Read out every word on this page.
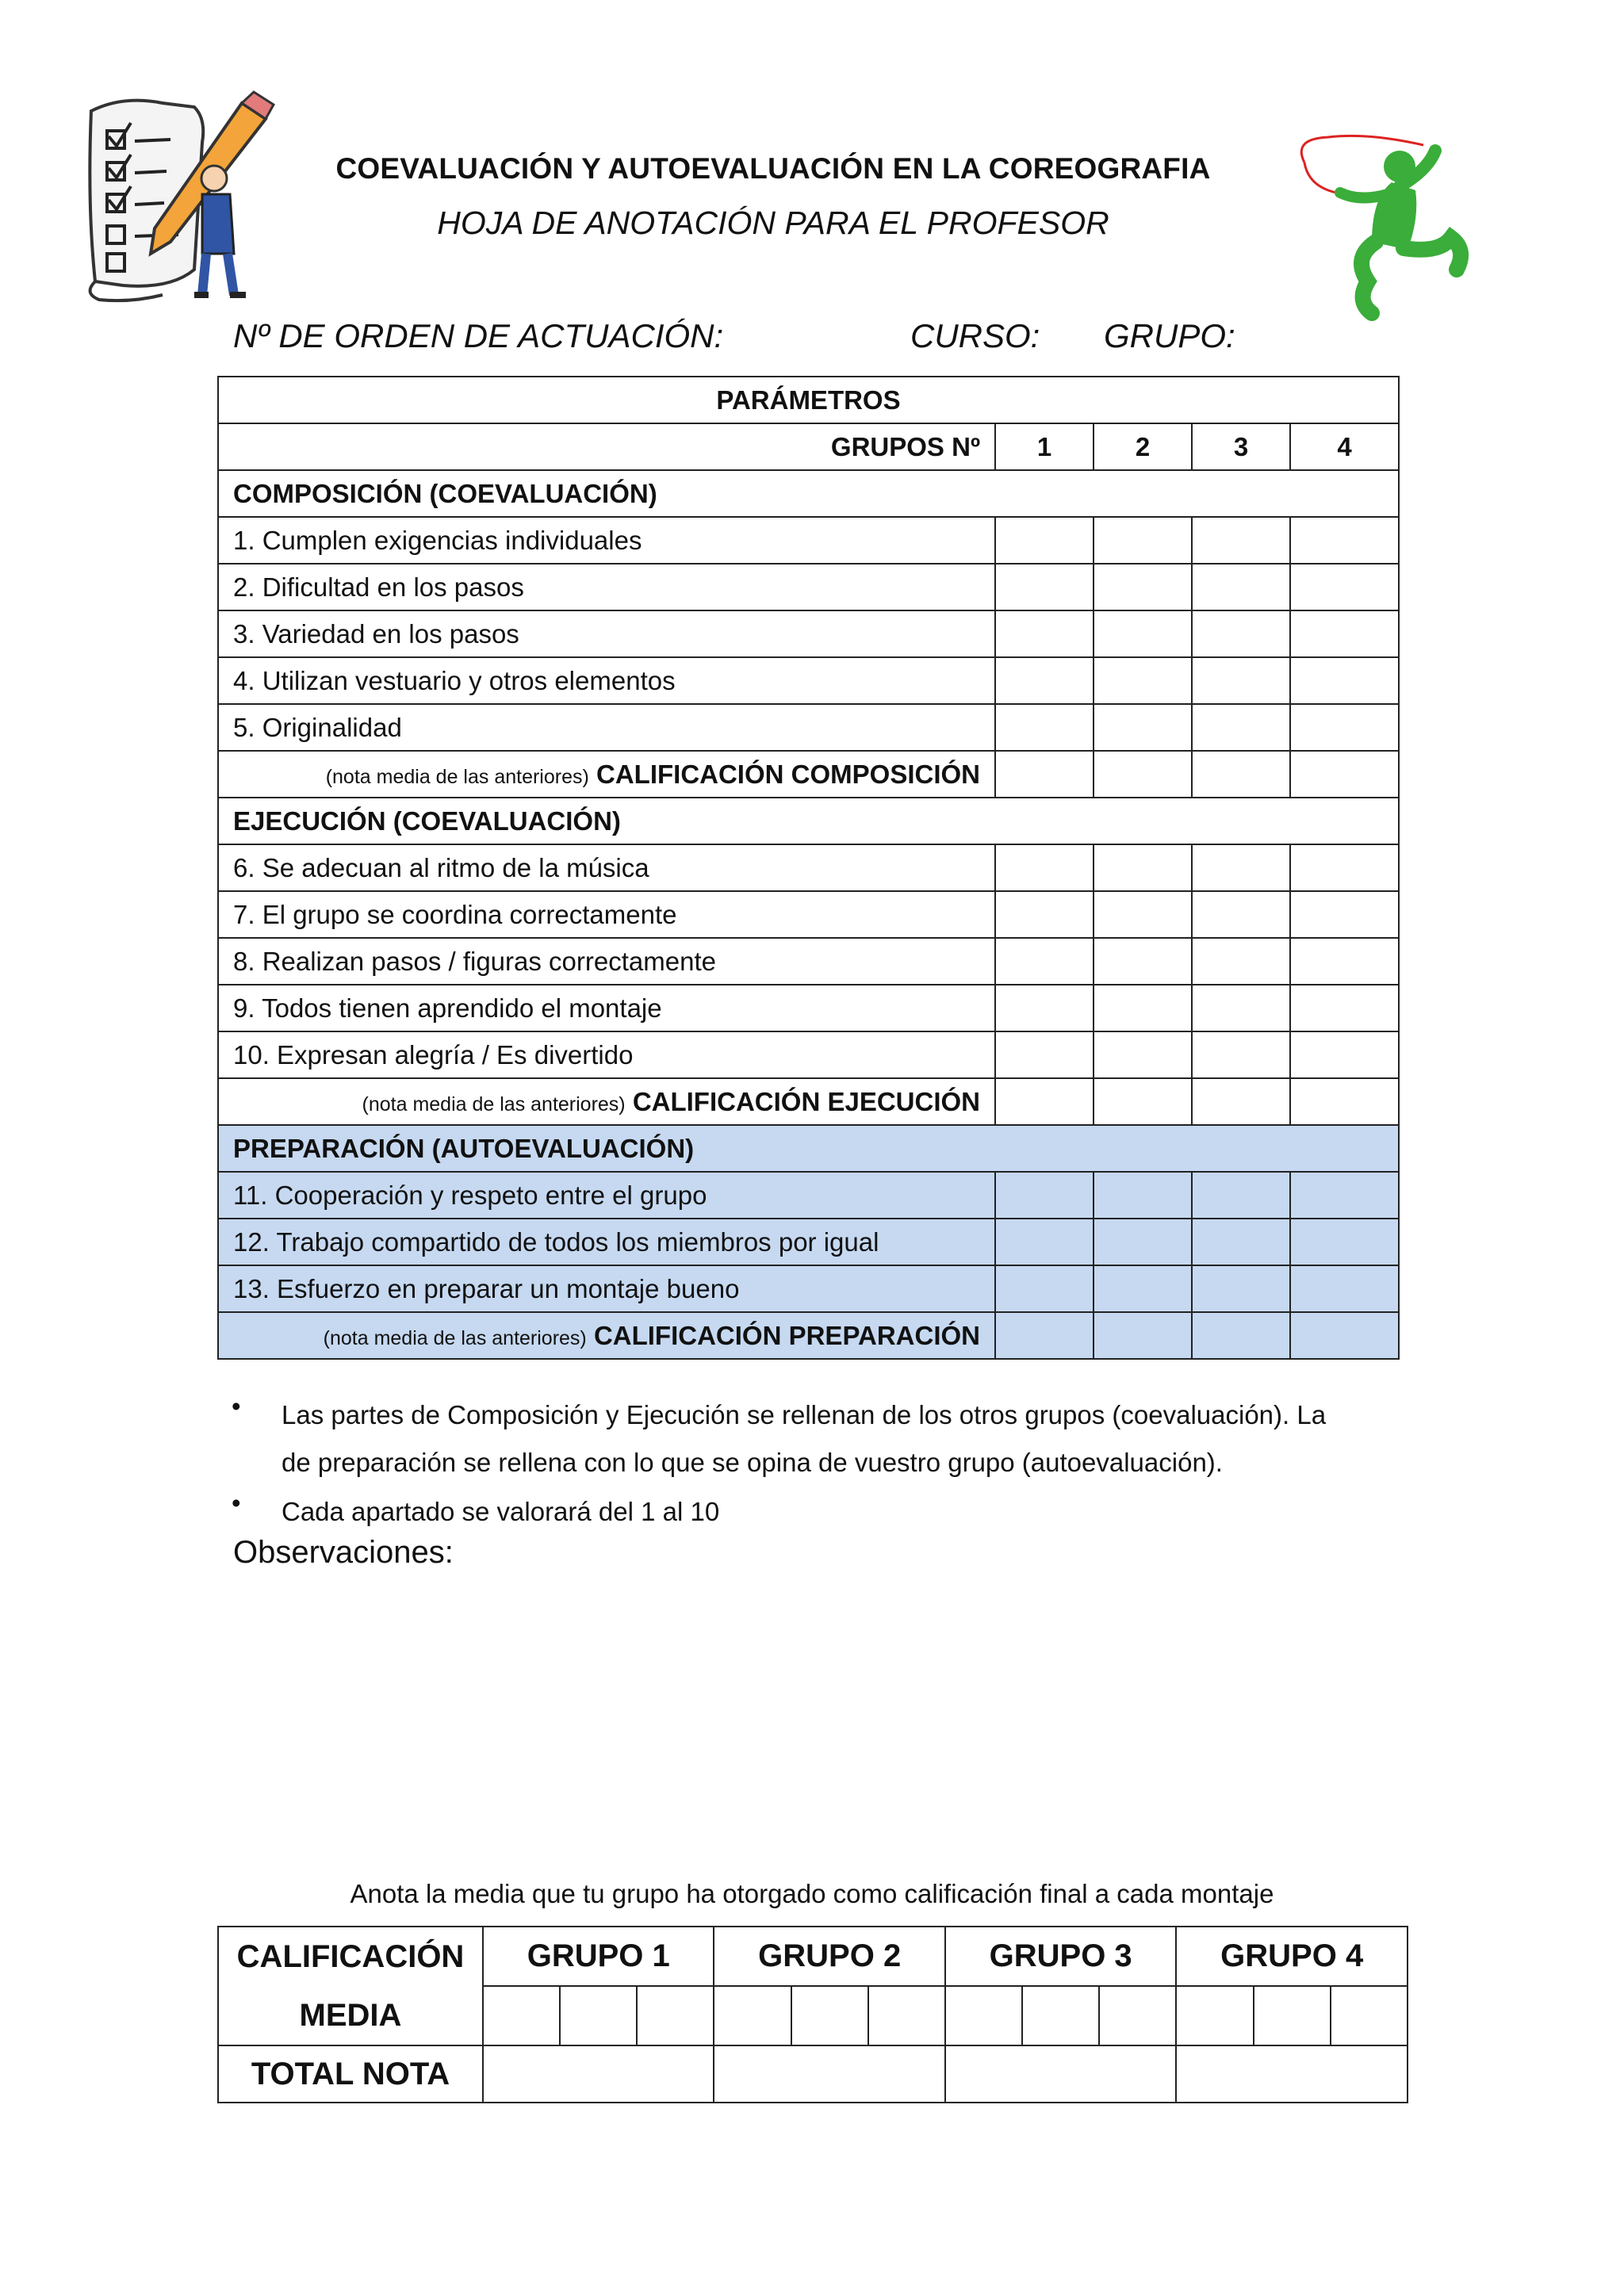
COEVALUACIÓN Y AUTOEVALUACIÓN EN LA COREOGRAFIA
HOJA DE ANOTACIÓN PARA EL PROFESOR
Nº DE ORDEN DE ACTUACIÓN:	CURSO: GRUPO:
PARÁMETROS				
GRUPOS Nº	1	2	3	4
COMPOSICIÓN (COEVALUACIÓN)				
1. Cumplen exigencias individuales				
2. Dificultad en los pasos				
3. Variedad en los pasos				
4. Utilizan vestuario y otros elementos				
5. Originalidad				
(nota media de las anteriores) CALIFICACIÓN COMPOSICIÓN				
EJECUCIÓN (COEVALUACIÓN)				
6. Se adecuan al ritmo de la música				
7. El grupo se coordina correctamente				
8. Realizan pasos / figuras correctamente				
9. Todos tienen aprendido el montaje				
10. Expresan alegría / Es divertido				
(nota media de las anteriores) CALIFICACIÓN EJECUCIÓN				
PREPARACIÓN (AUTOEVALUACIÓN)				
11. Cooperación y respeto entre el grupo				
12. Trabajo compartido de todos los miembros por igual				
13. Esfuerzo en preparar un montaje bueno				
(nota media de las anteriores) CALIFICACIÓN PREPARACIÓN				
• Las partes de Composición y Ejecución se rellenan de los otros grupos (coevaluación). La
de preparación se rellena con lo que se opina de vuestro grupo (autoevaluación).
• Cada apartado se valorará del 1 al 10
Observaciones:
Anota la media que tu grupo ha otorgado como calificación final a cada montaje
CALIFICACIÓN
MEDIA	GRUPO 1			GRUPO 2			GRUPO 3			GRUPO 4		

TOTAL NOTA												
